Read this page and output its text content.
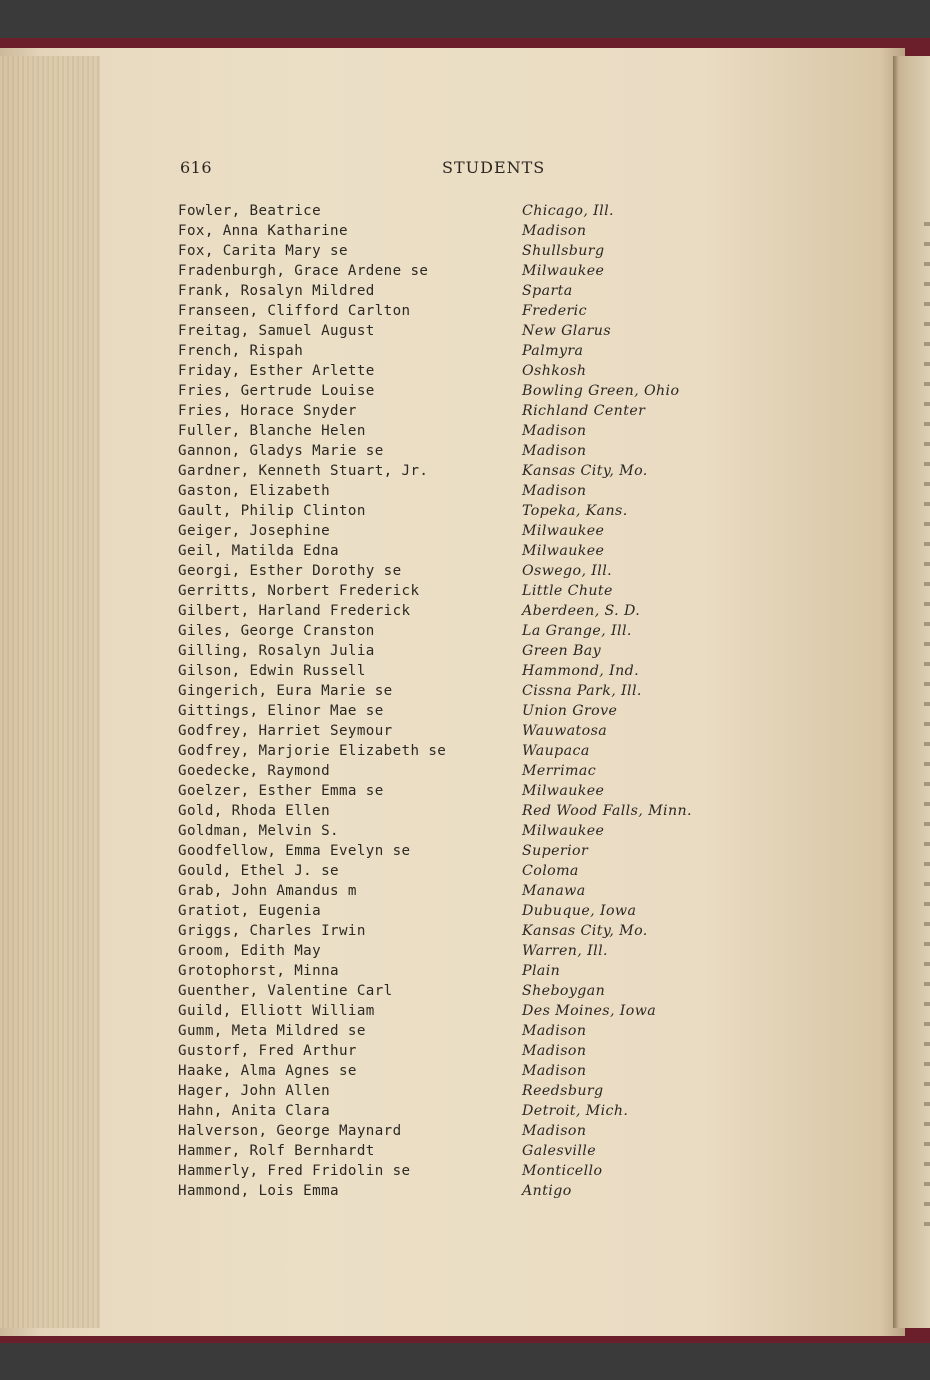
616	STUDENTS
Fowler, Beatrice	Chicago, Ill.
Fox, Anna Katharine	Madison
Fox, Carita Mary se	Shullsburg
Fradenburgh, Grace Ardene se	Milwaukee
Frank, Rosalyn Mildred	Sparta
Franseen, Clifford Carlton	Frederic
Freitag, Samuel August	New Glarus
French, Rispah	Palmyra
Friday, Esther Arlette	Oshkosh
Fries, Gertrude Louise	Bowling Green, Ohio
Fries, Horace Snyder	Richland Center
Fuller, Blanche Helen	Madison
Gannon, Gladys Marie se	Madison
Gardner, Kenneth Stuart, Jr.	Kansas City, Mo.
Gaston, Elizabeth	Madison
Gault, Philip Clinton	Topeka, Kans.
Geiger, Josephine	Milwaukee
Geil, Matilda Edna	Milwaukee
Georgi, Esther Dorothy se	Oswego, Ill.
Gerritts, Norbert Frederick	Little Chute
Gilbert, Harland Frederick	Aberdeen, S. D.
Giles, George Cranston	La Grange, Ill.
Gilling, Rosalyn Julia	Green Bay
Gilson, Edwin Russell	Hammond, Ind.
Gingerich, Eura Marie se	Cissna Park, Ill.
Gittings, Elinor Mae se	Union Grove
Godfrey, Harriet Seymour	Wauwatosa
Godfrey, Marjorie Elizabeth se	Waupaca
Goedecke, Raymond	Merrimac
Goelzer, Esther Emma se	Milwaukee
Gold, Rhoda Ellen	Red Wood Falls, Minn.
Goldman, Melvin S.	Milwaukee
Goodfellow, Emma Evelyn se	Superior
Gould, Ethel J. se	Coloma
Grab, John Amandus m	Manawa
Gratiot, Eugenia	Dubuque, Iowa
Griggs, Charles Irwin	Kansas City, Mo.
Groom, Edith May	Warren, Ill.
Grotophorst, Minna	Plain
Guenther, Valentine Carl	Sheboygan
Guild, Elliott William	Des Moines, Iowa
Gumm, Meta Mildred se	Madison
Gustorf, Fred Arthur	Madison
Haake, Alma Agnes se	Madison
Hager, John Allen	Reedsburg
Hahn, Anita Clara	Detroit, Mich.
Halverson, George Maynard	Madison
Hammer, Rolf Bernhardt	Galesville
Hammerly, Fred Fridolin se	Monticello
Hammond, Lois Emma	Antigo
